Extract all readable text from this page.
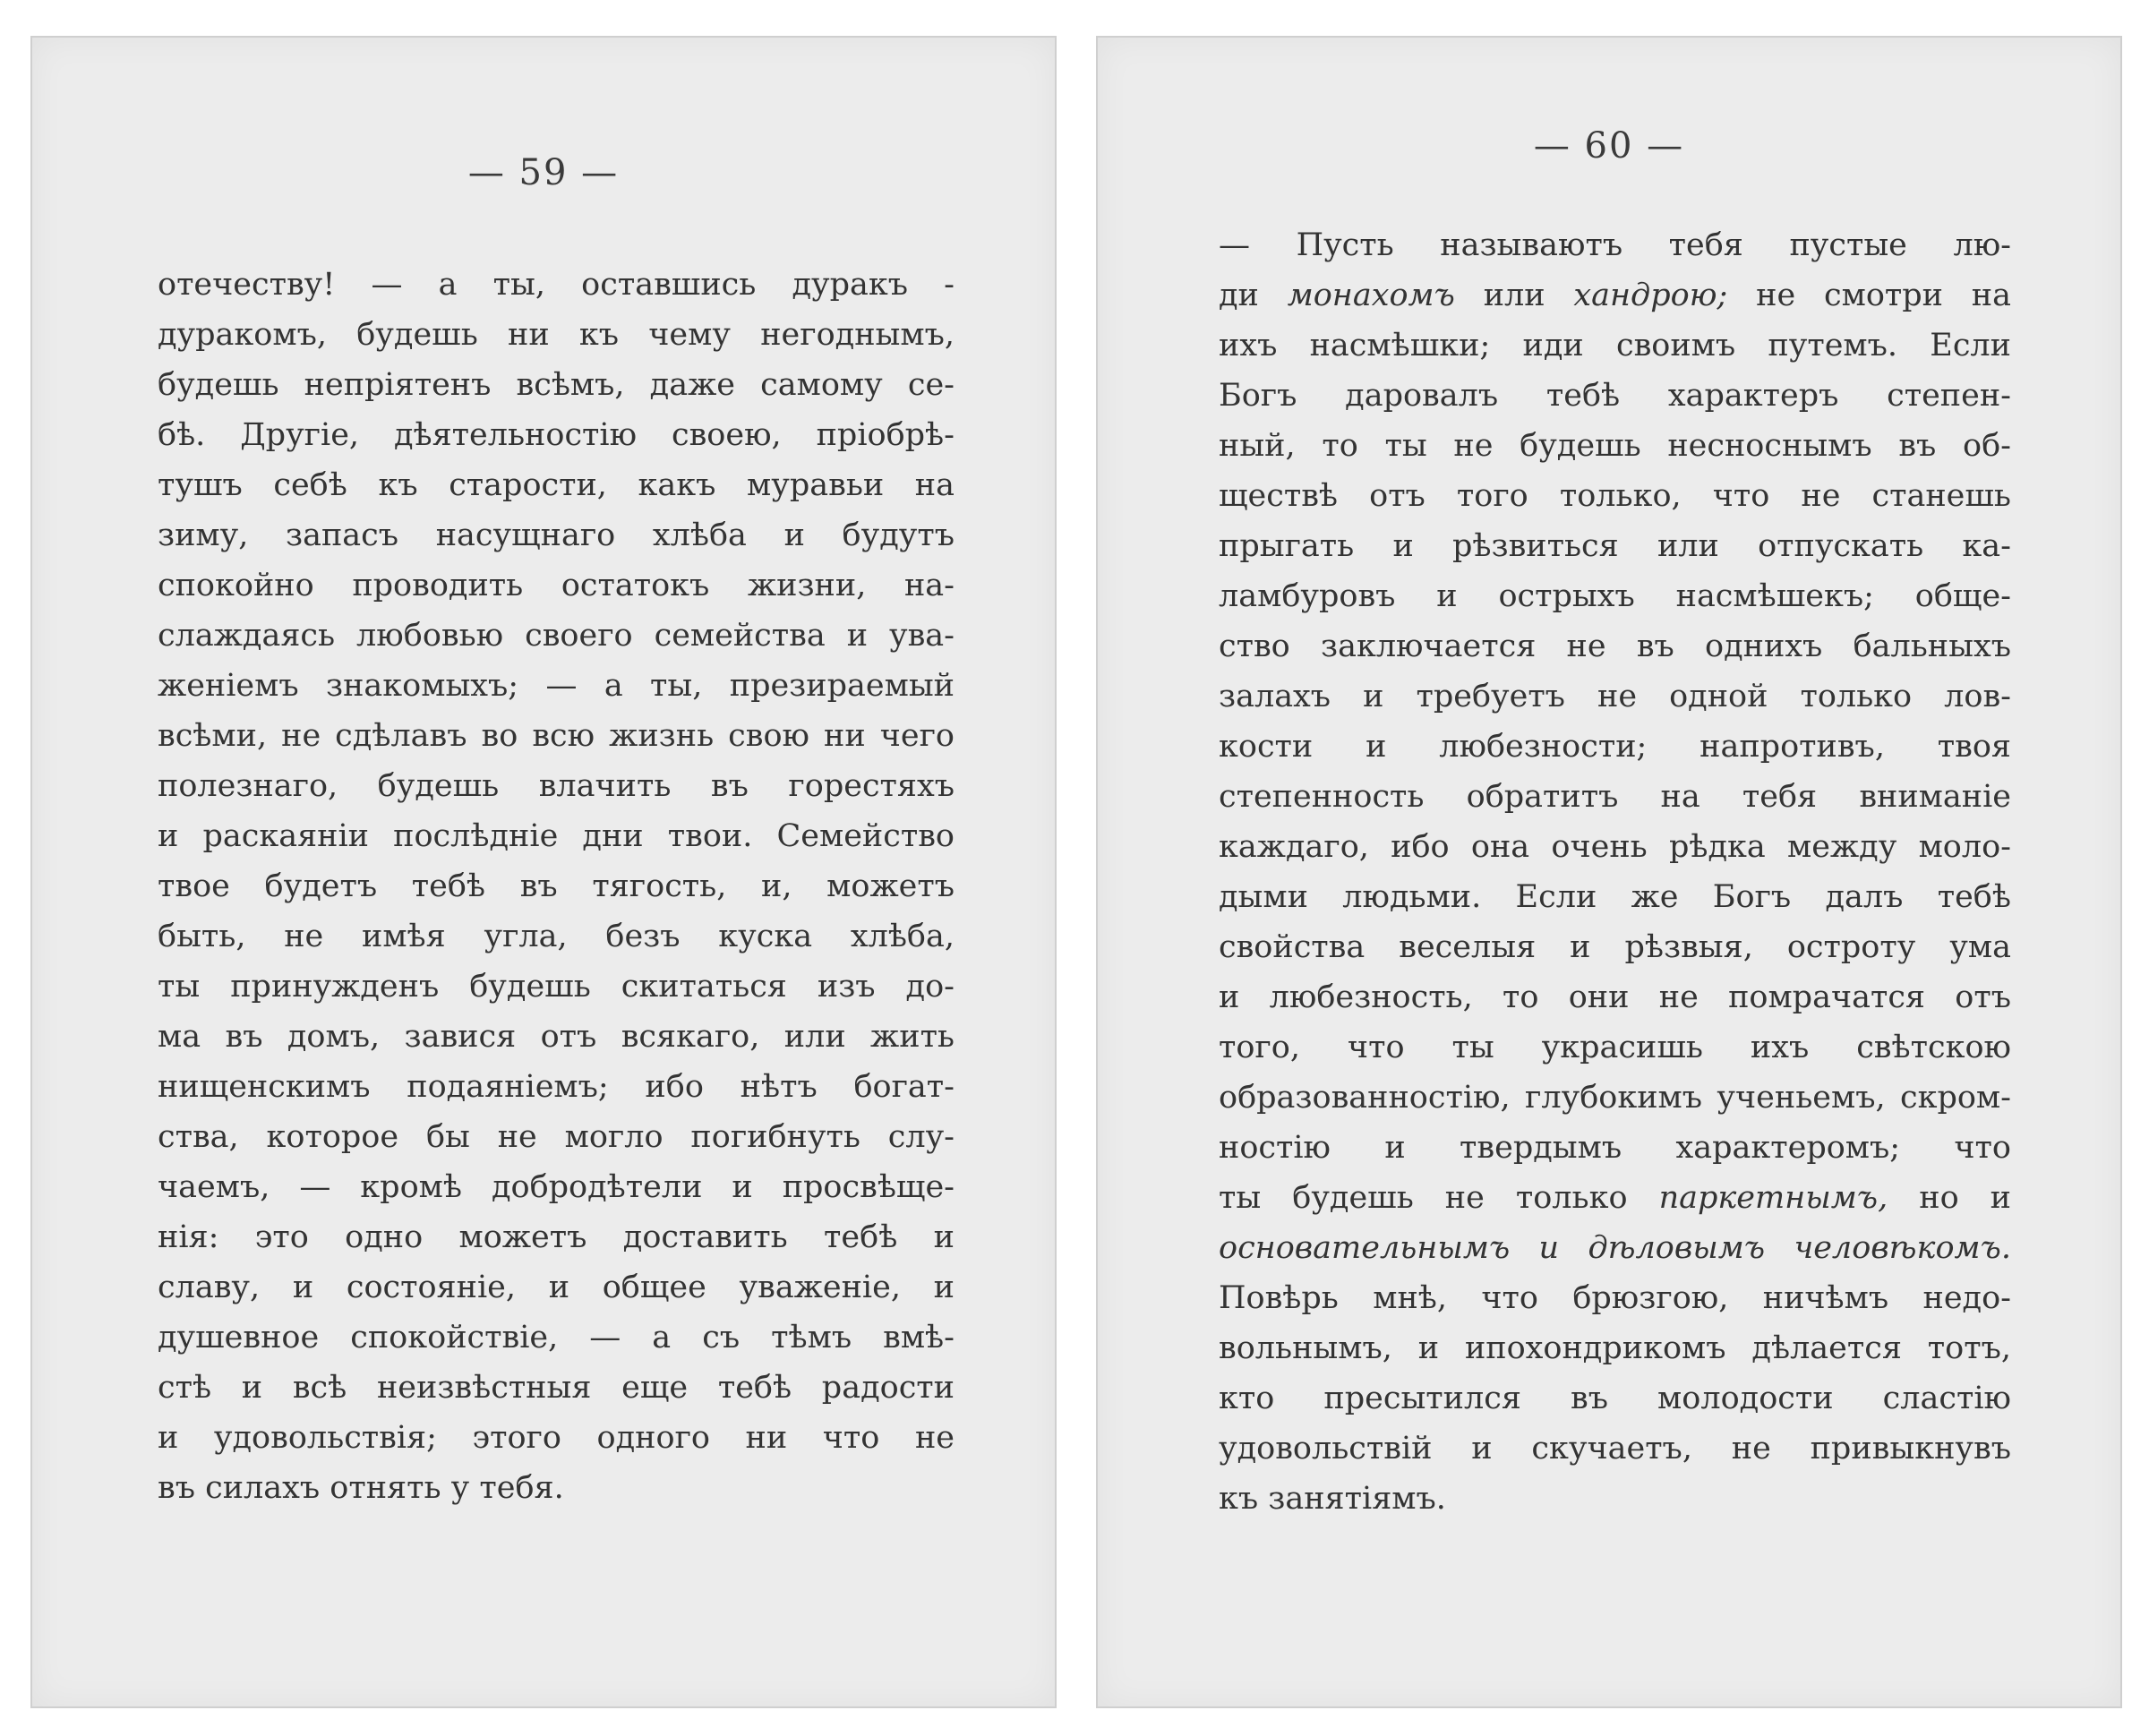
— 59 —
отечеству! — а ты, оставшись дуракъ -
дуракомъ, будешь ни къ чему негоднымъ,
будешь непріятенъ всѣмъ, даже самому се-
бѣ. Другіе, дѣятельностію своею, пріобрѣ-
тушъ себѣ къ старости, какъ муравьи на
зиму, запасъ насущнаго хлѣба и будутъ
спокойно проводить остатокъ жизни, на-
слаждаясь любовью своего семейства и ува-
женіемъ знакомыхъ; — а ты, презираемый
всѣми, не сдѣлавъ во всю жизнь свою ни чего
полезнаго, будешь влачить въ горестяхъ
и раскаяніи послѣдніе дни твои. Семейство
твое будетъ тебѣ въ тягость, и, можетъ
быть, не имѣя угла, безъ куска хлѣба,
ты принужденъ будешь скитаться изъ до-
ма въ домъ, завися отъ всякаго, или жить
нищенскимъ подаяніемъ; ибо нѣтъ богат-
ства, которое бы не могло погибнуть слу-
чаемъ, — кромѣ добродѣтели и просвѣще-
нія: это одно можетъ доставить тебѣ и
славу, и состояніе, и общее уваженіе, и
душевное спокойствіе, — а съ тѣмъ вмѣ-
стѣ и всѣ неизвѣстныя еще тебѣ радости
и удовольствія; этого одного ни что не
въ силахъ отнять у тебя.
— 60 —
— Пусть называютъ тебя пустые лю-
ди монахомъ или хандрою; не смотри на
ихъ насмѣшки; иди своимъ путемъ. Если
Богъ даровалъ тебѣ характеръ степен-
ный, то ты не будешь несноснымъ въ об-
ществѣ отъ того только, что не станешь
прыгать и рѣзвиться или отпускать ка-
ламбуровъ и острыхъ насмѣшекъ; обще-
ство заключается не въ однихъ бальныхъ
залахъ и требуетъ не одной только лов-
кости и любезности; напротивъ, твоя
степенность обратитъ на тебя вниманіе
каждаго, ибо она очень рѣдка между моло-
дыми людьми. Если же Богъ далъ тебѣ
свойства веселыя и рѣзвыя, остроту ума
и любезность, то они не помрачатся отъ
того, что ты украсишь ихъ свѣтскою
образованностію, глубокимъ ученьемъ, скром-
ностію и твердымъ характеромъ; что
ты будешь не только паркетнымъ, но и
основательнымъ и дѣловымъ человѣкомъ.
Повѣрь мнѣ, что брюзгою, ничѣмъ недо-
вольнымъ, и ипохондрикомъ дѣлается тотъ,
кто пресытился въ молодости сластію
удовольствій и скучаетъ, не привыкнувъ
къ занятіямъ.
